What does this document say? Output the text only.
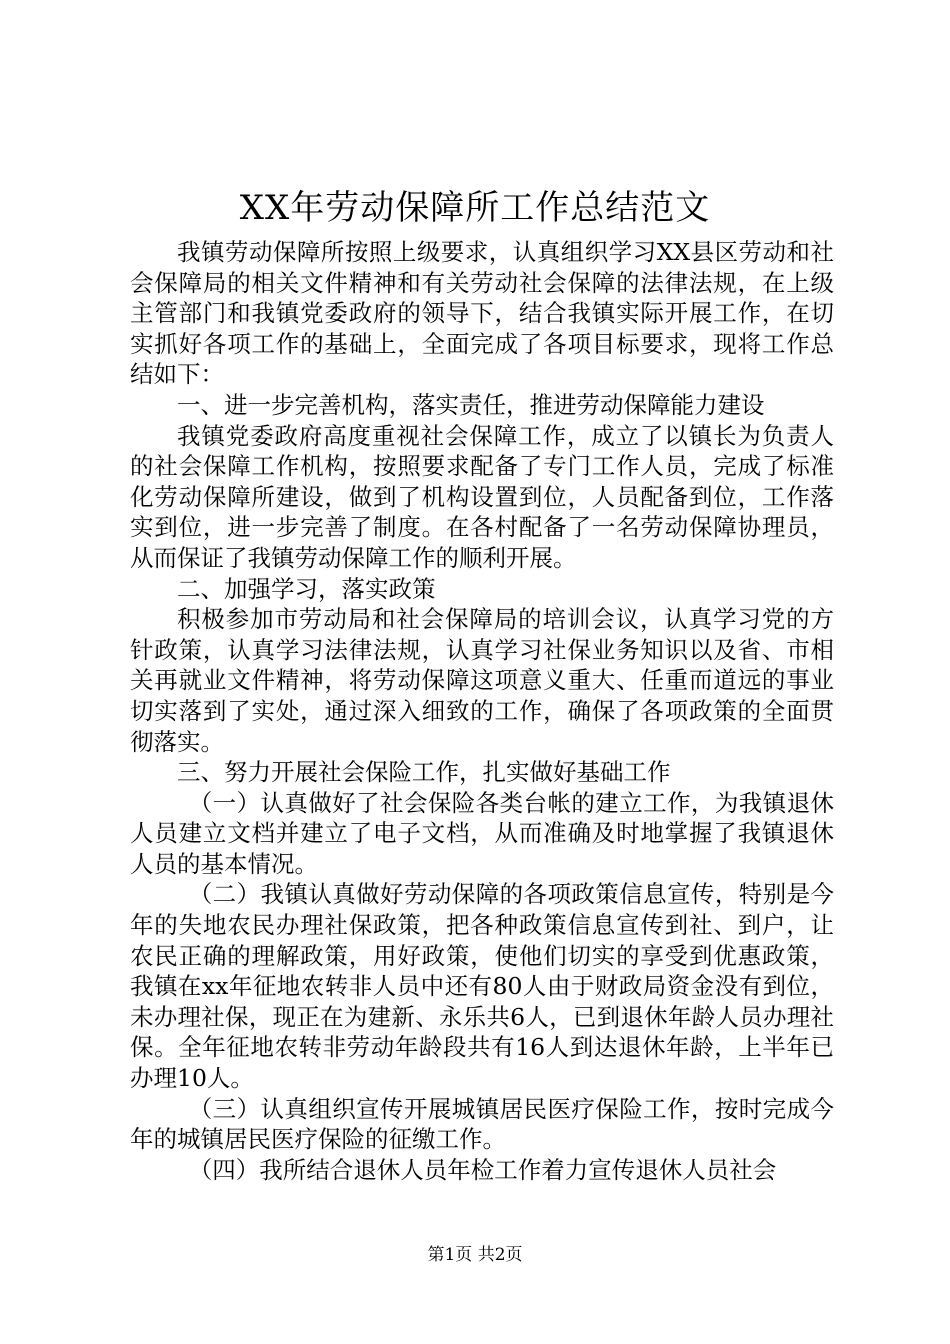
XX年劳动保障所工作总结范文

我镇劳动保障所按照上级要求，认真组织学习XX县区劳动和社会保障局的相关文件精神和有关劳动社会保障的法律法规，在上级主管部门和我镇党委政府的领导下，结合我镇实际开展工作，在切实抓好各项工作的基础上，全面完成了各项目标要求，现将工作总结如下：

一、进一步完善机构，落实责任，推进劳动保障能力建设

我镇党委政府高度重视社会保障工作，成立了以镇长为负责人的社会保障工作机构，按照要求配备了专门工作人员，完成了标准化劳动保障所建设，做到了机构设置到位，人员配备到位，工作落实到位，进一步完善了制度。在各村配备了一名劳动保障协理员，从而保证了我镇劳动保障工作的顺利开展。

二、加强学习，落实政策

积极参加市劳动局和社会保障局的培训会议，认真学习党的方针政策，认真学习法律法规，认真学习社保业务知识以及省、市相关再就业文件精神，将劳动保障这项意义重大、任重而道远的事业切实落到了实处，通过深入细致的工作，确保了各项政策的全面贯彻落实。

三、努力开展社会保险工作，扎实做好基础工作

（一）认真做好了社会保险各类台帐的建立工作，为我镇退休人员建立文档并建立了电子文档，从而准确及时地掌握了我镇退休人员的基本情况。

（二）我镇认真做好劳动保障的各项政策信息宣传，特别是今年的失地农民办理社保政策，把各种政策信息宣传到社、到户，让农民正确的理解政策，用好政策，使他们切实的享受到优惠政策，我镇在xx年征地农转非人员中还有80人由于财政局资金没有到位，未办理社保，现正在为建新、永乐共6人，已到退休年龄人员办理社保。全年征地农转非劳动年龄段共有16人到达退休年龄，上半年已办理10人。

（三）认真组织宣传开展城镇居民医疗保险工作，按时完成今年的城镇居民医疗保险的征缴工作。

（四）我所结合退休人员年检工作着力宣传退休人员社会

第1页 共2页
